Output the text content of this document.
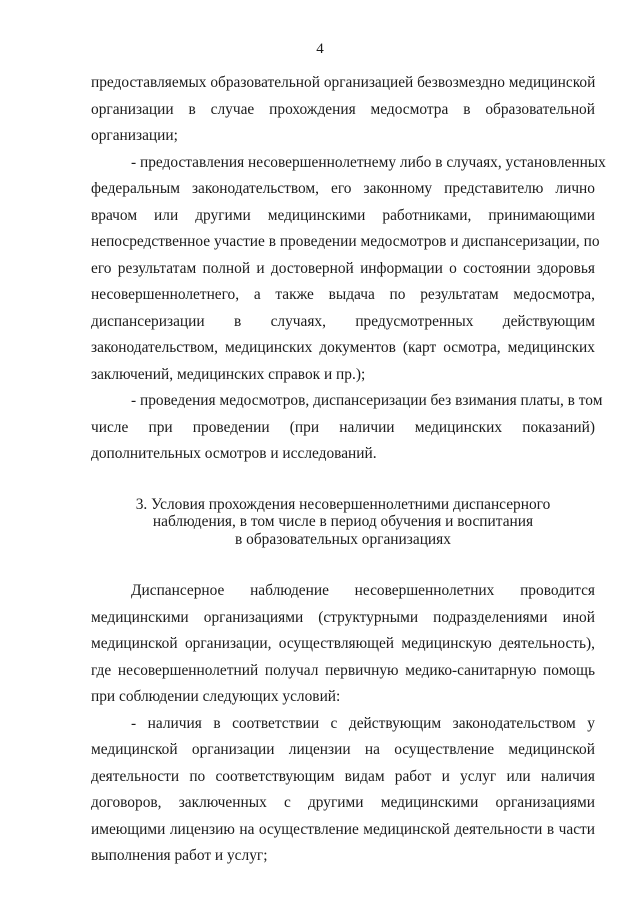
4

предоставляемых образовательной организацией безвозмездно медицинской
организации в случае прохождения медосмотра в образовательной
организации;

- предоставления несовершеннолетнему либо в случаях, установленных
федеральным законодательством, его законному представителю лично
врачом или другими медицинскими работниками, принимающими
непосредственное участие в проведении медосмотров и диспансеризации, по
его результатам полной и достоверной информации о состоянии здоровья
несовершеннолетнего, а также выдача по результатам медосмотра,
диспансеризации в случаях, предусмотренных действующим
законодательством, медицинских документов (карт осмотра, медицинских
заключений, медицинских справок и пр.);

- проведения медосмотров, диспансеризации без взимания платы, в том
числе при проведении (при наличии медицинских показаний)
дополнительных осмотров и исследований.

3. Условия прохождения несовершеннолетними диспансерного
наблюдения, в том числе в период обучения и воспитания
в образовательных организациях

Диспансерное наблюдение несовершеннолетних проводится
медицинскими организациями (структурными подразделениями иной
медицинской организации, осуществляющей медицинскую деятельность),
где несовершеннолетний получал первичную медико-санитарную помощь
при соблюдении следующих условий:

- наличия в соответствии с действующим законодательством у
медицинской организации лицензии на осуществление медицинской
деятельности по соответствующим видам работ и услуг или наличия
договоров, заключенных с другими медицинскими организациями
имеющими лицензию на осуществление медицинской деятельности в части
выполнения работ и услуг;
